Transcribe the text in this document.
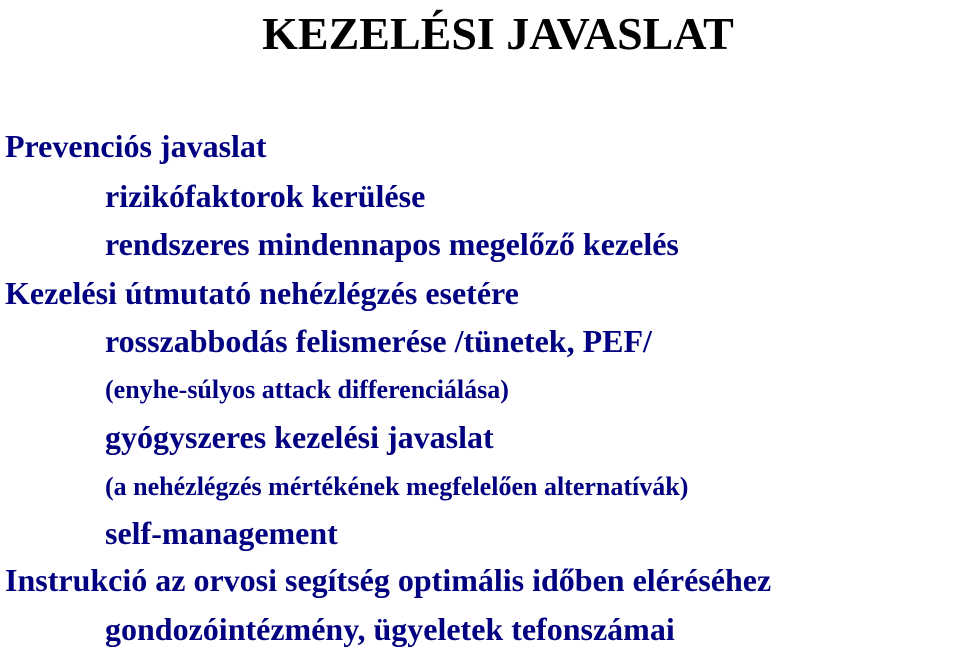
KEZELÉSI JAVASLAT
Prevenciós javaslat
rizikófaktorok kerülése
rendszeres mindennapos megelőző kezelés
Kezelési útmutató nehézlégzés esetére
rosszabbodás felismerése /tünetek, PEF/
(enyhe-súlyos attack differenciálása)
gyógyszeres kezelési javaslat
(a nehézlégzés mértékének megfelelően alternatívák)
self-management
Instrukció az orvosi segítség optimális időben eléréséhez
gondozóintézmény, ügyeletek tefonszámai
